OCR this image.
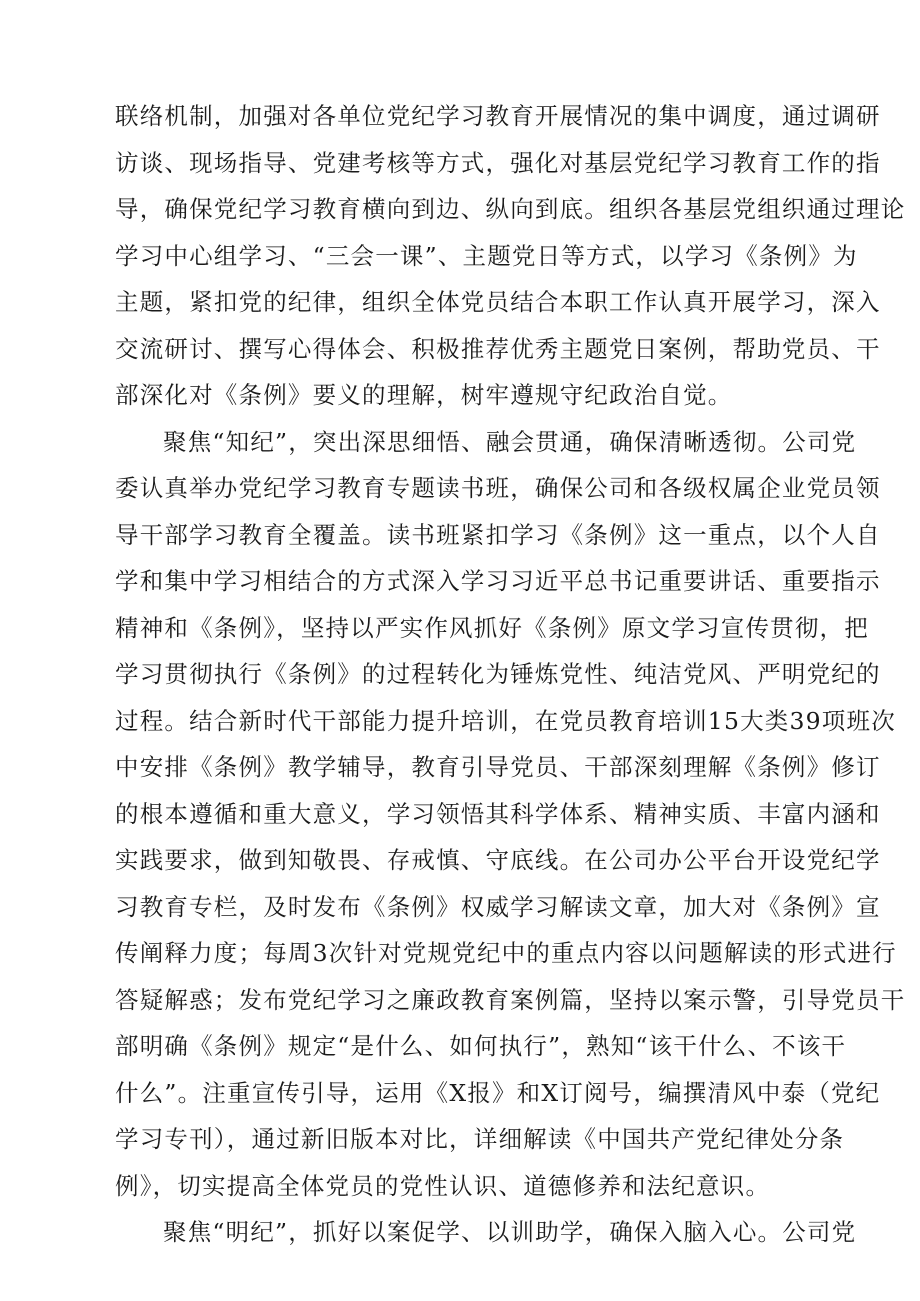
联络机制，加强对各单位党纪学习教育开展情况的集中调度，通过调研
访谈、现场指导、党建考核等方式，强化对基层党纪学习教育工作的指
导，确保党纪学习教育横向到边、纵向到底。组织各基层党组织通过理论
学习中心组学习、“三会一课”、主题党日等方式，以学习《条例》为
主题，紧扣党的纪律，组织全体党员结合本职工作认真开展学习，深入
交流研讨、撰写心得体会、积极推荐优秀主题党日案例，帮助党员、干
部深化对《条例》要义的理解，树牢遵规守纪政治自觉。
聚焦“知纪”，突出深思细悟、融会贯通，确保清晰透彻。公司党
委认真举办党纪学习教育专题读书班，确保公司和各级权属企业党员领
导干部学习教育全覆盖。读书班紧扣学习《条例》这一重点，以个人自
学和集中学习相结合的方式深入学习习近平总书记重要讲话、重要指示
精神和《条例》，坚持以严实作风抓好《条例》原文学习宣传贯彻，把
学习贯彻执行《条例》的过程转化为锤炼党性、纯洁党风、严明党纪的
过程。结合新时代干部能力提升培训，在党员教育培训15大类39项班次
中安排《条例》教学辅导，教育引导党员、干部深刻理解《条例》修订
的根本遵循和重大意义，学习领悟其科学体系、精神实质、丰富内涵和
实践要求，做到知敬畏、存戒慎、守底线。在公司办公平台开设党纪学
习教育专栏，及时发布《条例》权威学习解读文章，加大对《条例》宣
传阐释力度；每周3次针对党规党纪中的重点内容以问题解读的形式进行
答疑解惑；发布党纪学习之廉政教育案例篇，坚持以案示警，引导党员干
部明确《条例》规定“是什么、如何执行”，熟知“该干什么、不该干
什么”。注重宣传引导，运用《X报》和X订阅号，编撰清风中泰（党纪
学习专刊），通过新旧版本对比，详细解读《中国共产党纪律处分条
例》，切实提高全体党员的党性认识、道德修养和法纪意识。
聚焦“明纪”，抓好以案促学、以训助学，确保入脑入心。公司党
